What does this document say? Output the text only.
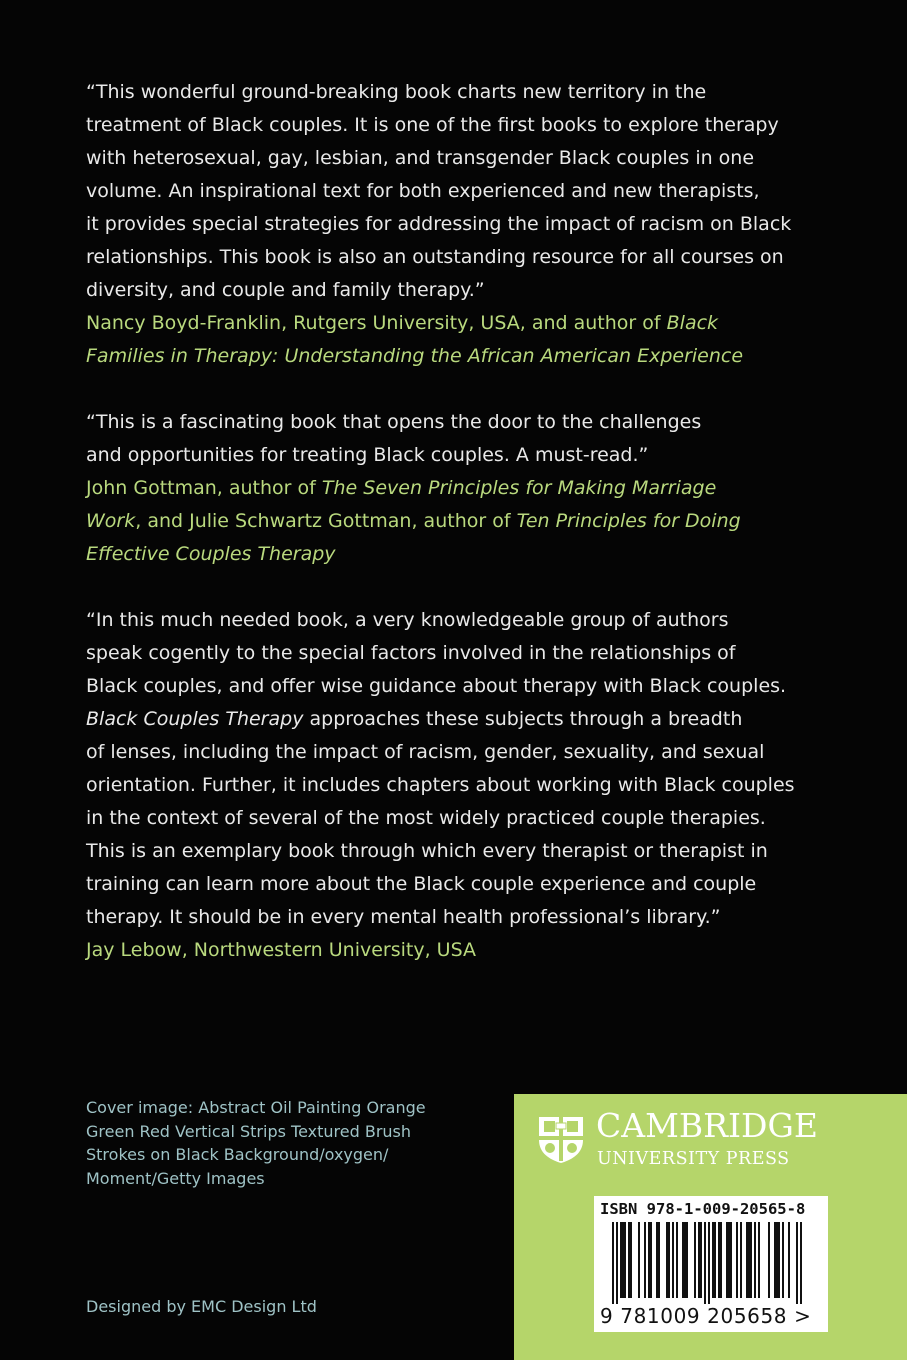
“This wonderful ground-breaking book charts new territory in the
treatment of Black couples. It is one of the first books to explore therapy
with heterosexual, gay, lesbian, and transgender Black couples in one
volume. An inspirational text for both experienced and new therapists,
it provides special strategies for addressing the impact of racism on Black
relationships. This book is also an outstanding resource for all courses on
diversity, and couple and family therapy.”
Nancy Boyd-Franklin, Rutgers University, USA, and author of Black
Families in Therapy: Understanding the African American Experience
“This is a fascinating book that opens the door to the challenges
and opportunities for treating Black couples. A must-read.”
John Gottman, author of The Seven Principles for Making Marriage
Work, and Julie Schwartz Gottman, author of Ten Principles for Doing
Effective Couples Therapy
“In this much needed book, a very knowledgeable group of authors
speak cogently to the special factors involved in the relationships of
Black couples, and offer wise guidance about therapy with Black couples.
Black Couples Therapy approaches these subjects through a breadth
of lenses, including the impact of racism, gender, sexuality, and sexual
orientation. Further, it includes chapters about working with Black couples
in the context of several of the most widely practiced couple therapies.
This is an exemplary book through which every therapist or therapist in
training can learn more about the Black couple experience and couple
therapy. It should be in every mental health professional’s library.”
Jay Lebow, Northwestern University, USA
Cover image: Abstract Oil Painting Orange
Green Red Vertical Strips Textured Brush
Strokes on Black Background/oxygen/
Moment/Getty Images
Designed by EMC Design Ltd
CAMBRIDGE
UNIVERSITY PRESS
ISBN 978-1-009-20565-8
9 781009 205658 >
